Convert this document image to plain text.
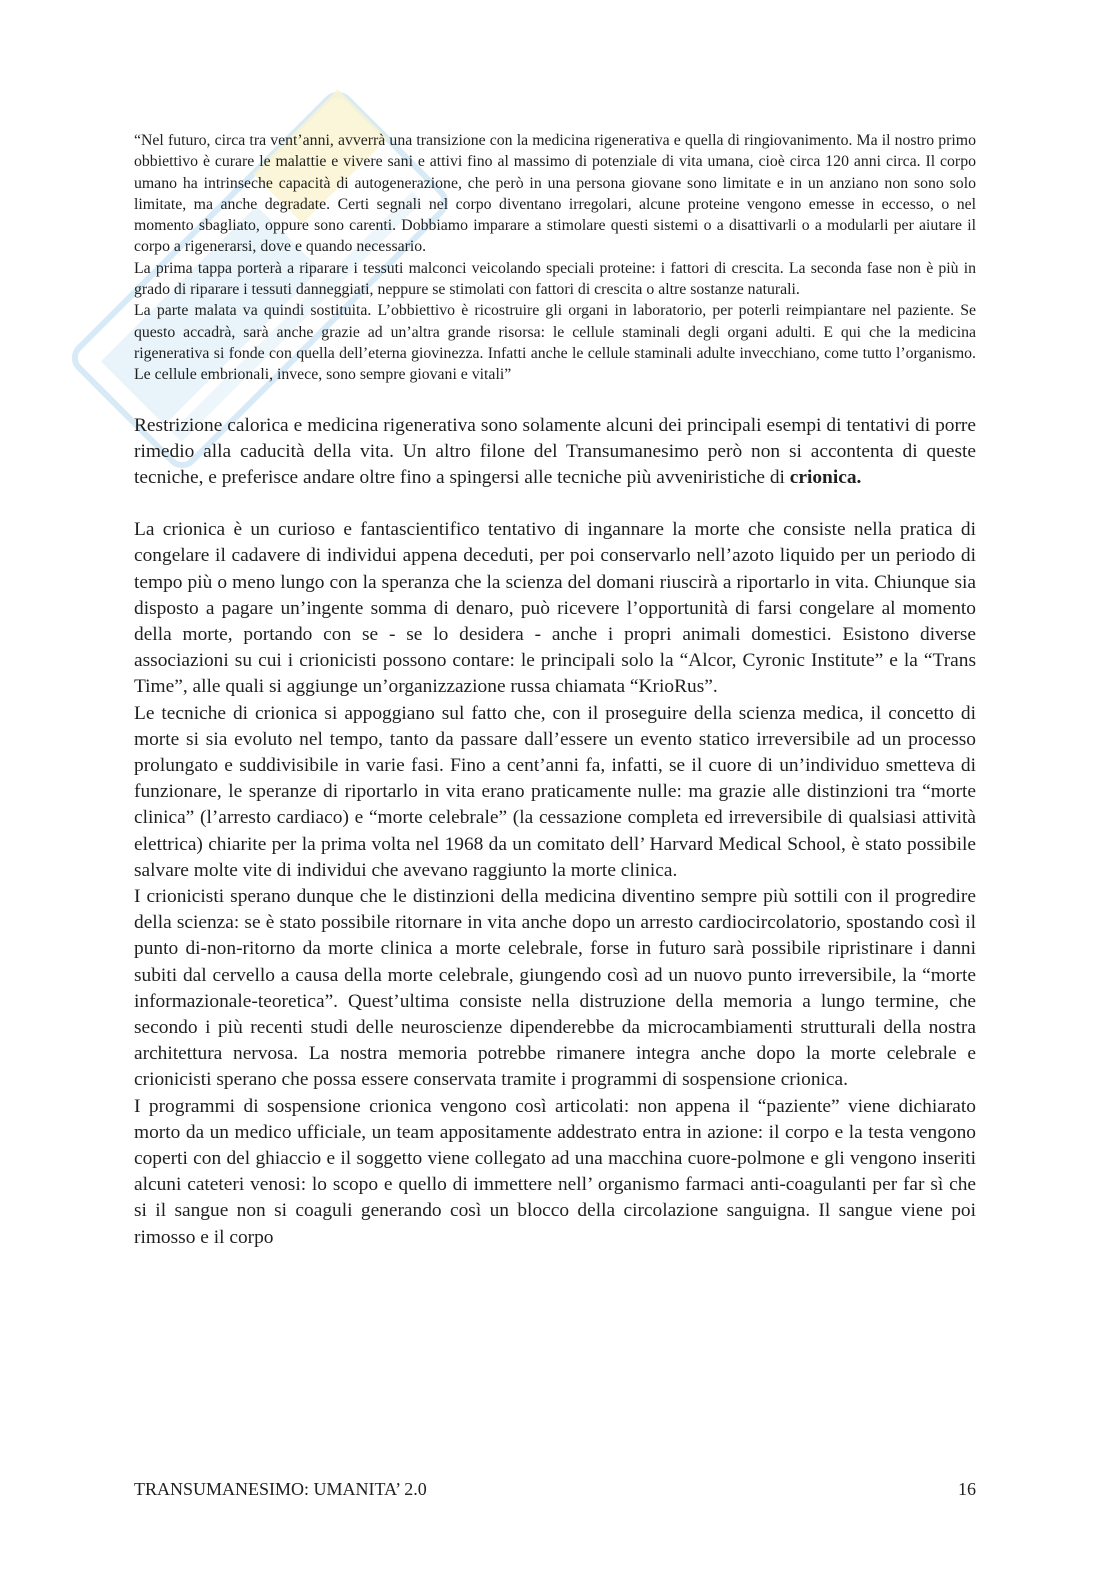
“Nel futuro, circa tra vent’anni, avverrà una transizione con la medicina rigenerativa e quella di ringiovanimento. Ma il nostro primo obbiettivo è curare le malattie e vivere sani e attivi fino al massimo di potenziale di vita umana, cioè circa 120 anni circa. Il corpo umano ha intrinseche capacità di autogenerazione, che però in una persona giovane sono limitate e in un anziano non sono solo limitate, ma anche degradate. Certi segnali nel corpo diventano irregolari, alcune proteine vengono emesse in eccesso, o nel momento sbagliato, oppure sono carenti. Dobbiamo imparare a stimolare questi sistemi o a disattivarli o a modularli per aiutare il corpo a rigenerarsi, dove e quando necessario.

La prima tappa porterà a riparare i tessuti malconci veicolando speciali proteine: i fattori di crescita. La seconda fase non è più in grado di riparare i tessuti danneggiati, neppure se stimolati con fattori di crescita o altre sostanze naturali.

La parte malata va quindi sostituita. L’obbiettivo è ricostruire gli organi in laboratorio, per poterli reimpiantare nel paziente. Se questo accadrà, sarà anche grazie ad un’altra grande risorsa: le cellule staminali degli organi adulti. E qui che la medicina rigenerativa si fonde con quella dell’eterna giovinezza. Infatti anche le cellule staminali adulte invecchiano, come tutto l’organismo. Le cellule embrionali, invece, sono sempre giovani e vitali”

Restrizione calorica e medicina rigenerativa sono solamente alcuni dei principali esempi di tentativi di porre rimedio alla caducità della vita. Un altro filone del Transumanesimo però non si accontenta di queste tecniche, e preferisce andare oltre fino a spingersi alle tecniche più avveniristiche di crionica.

La crionica è un curioso e fantascientifico tentativo di ingannare la morte che consiste nella pratica di congelare il cadavere di individui appena deceduti, per poi conservarlo nell’azoto liquido per un periodo di tempo più o meno lungo con la speranza che la scienza del domani riuscirà a riportarlo in vita. Chiunque sia disposto a pagare un’ingente somma di denaro, può ricevere l’opportunità di farsi congelare al momento della morte, portando con se - se lo desidera - anche i propri animali domestici. Esistono diverse associazioni su cui i crionicisti possono contare: le principali solo la “Alcor, Cyronic Institute” e la “Trans Time”, alle quali si aggiunge un’organizzazione russa chiamata “KrioRus”.

Le tecniche di crionica si appoggiano sul fatto che, con il proseguire della scienza medica, il concetto di morte si sia evoluto nel tempo, tanto da passare dall’essere un evento statico irreversibile ad un processo prolungato e suddivisibile in varie fasi. Fino a cent’anni fa, infatti, se il cuore di un’individuo smetteva di funzionare, le speranze di riportarlo in vita erano praticamente nulle: ma grazie alle distinzioni tra “morte clinica” (l’arresto cardiaco) e “morte celebrale” (la cessazione completa ed irreversibile di qualsiasi attività elettrica) chiarite per la prima volta nel 1968 da un comitato dell’ Harvard Medical School, è stato possibile salvare molte vite di individui che avevano raggiunto la morte clinica.

I crionicisti sperano dunque che le distinzioni della medicina diventino sempre più sottili con il progredire della scienza: se è stato possibile ritornare in vita anche dopo un arresto cardiocircolatorio, spostando così il punto di-non-ritorno da morte clinica a morte celebrale, forse in futuro sarà possibile ripristinare i danni subiti dal cervello a causa della morte celebrale, giungendo così ad un nuovo punto irreversibile, la “morte informazionale-teoretica”. Quest’ultima consiste nella distruzione della memoria a lungo termine, che secondo i più recenti studi delle neuroscienze dipenderebbe da microcambiamenti strutturali della nostra architettura nervosa. La nostra memoria potrebbe rimanere integra anche dopo la morte celebrale e crionicisti sperano che possa essere conservata tramite i programmi di sospensione crionica.

I programmi di sospensione crionica vengono così articolati: non appena il “paziente” viene dichiarato morto da un medico ufficiale, un team appositamente addestrato entra in azione: il corpo e la testa vengono coperti con del ghiaccio e il soggetto viene collegato ad una macchina cuore-polmone e gli vengono inseriti alcuni cateteri venosi: lo scopo e quello di immettere nell’ organismo farmaci anti-coagulanti per far sì che si il sangue non si coaguli generando così un blocco della circolazione sanguigna. Il sangue viene poi rimosso e il corpo

TRANSUMANESIMO: UMANITA’ 2.0	16
